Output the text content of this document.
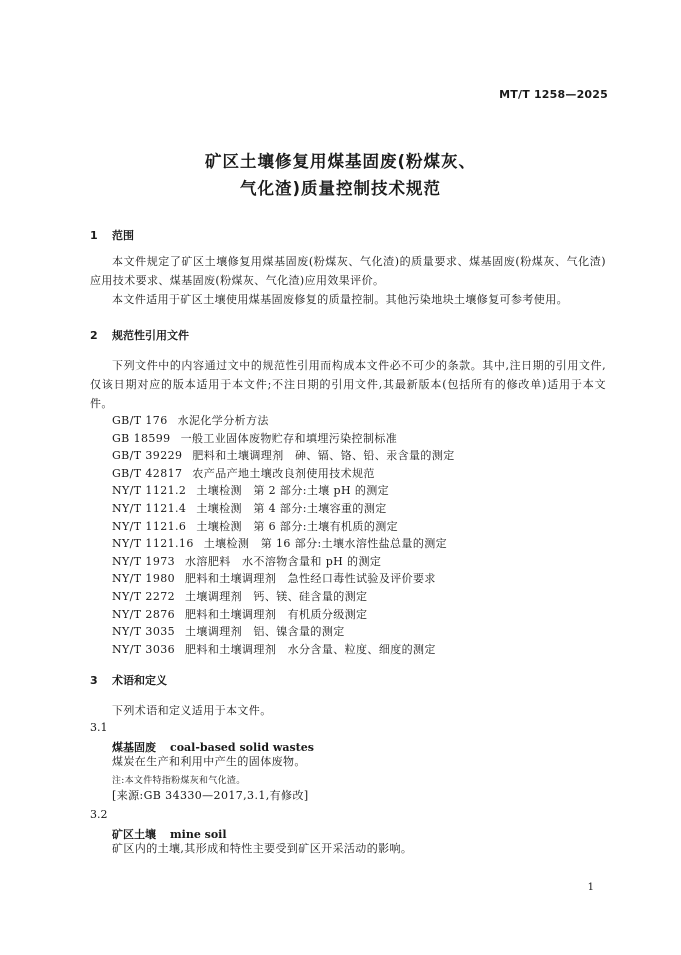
MT/T 1258—2025
矿区土壤修复用煤基固废(粉煤灰、
气化渣)质量控制技术规范
1 范围
本文件规定了矿区土壤修复用煤基固废(粉煤灰、气化渣)的质量要求、煤基固废(粉煤灰、气化渣)应用技术要求、煤基固废(粉煤灰、气化渣)应用效果评价。
本文件适用于矿区土壤使用煤基固废修复的质量控制。其他污染地块土壤修复可参考使用。
2 规范性引用文件
下列文件中的内容通过文中的规范性引用而构成本文件必不可少的条款。其中,注日期的引用文件,仅该日期对应的版本适用于本文件;不注日期的引用文件,其最新版本(包括所有的修改单)适用于本文件。
GB/T 176 水泥化学分析方法
GB 18599 一般工业固体废物贮存和填埋污染控制标准
GB/T 39229 肥料和土壤调理剂　砷、镉、铬、铅、汞含量的测定
GB/T 42817 农产品产地土壤改良剂使用技术规范
NY/T 1121.2 土壤检测　第 2 部分:土壤 pH 的测定
NY/T 1121.4 土壤检测　第 4 部分:土壤容重的测定
NY/T 1121.6 土壤检测　第 6 部分:土壤有机质的测定
NY/T 1121.16 土壤检测　第 16 部分:土壤水溶性盐总量的测定
NY/T 1973 水溶肥料　水不溶物含量和 pH 的测定
NY/T 1980 肥料和土壤调理剂　急性经口毒性试验及评价要求
NY/T 2272 土壤调理剂　钙、镁、硅含量的测定
NY/T 2876 肥料和土壤调理剂　有机质分级测定
NY/T 3035 土壤调理剂　铝、镍含量的测定
NY/T 3036 肥料和土壤调理剂　水分含量、粒度、细度的测定
3 术语和定义
下列术语和定义适用于本文件。
3.1
煤基固废 coal-based solid wastes
煤炭在生产和利用中产生的固体废物。
注:本文件特指粉煤灰和气化渣。
[来源:GB 34330—2017,3.1,有修改]
3.2
矿区土壤 mine soil
矿区内的土壤,其形成和特性主要受到矿区开采活动的影响。
1
